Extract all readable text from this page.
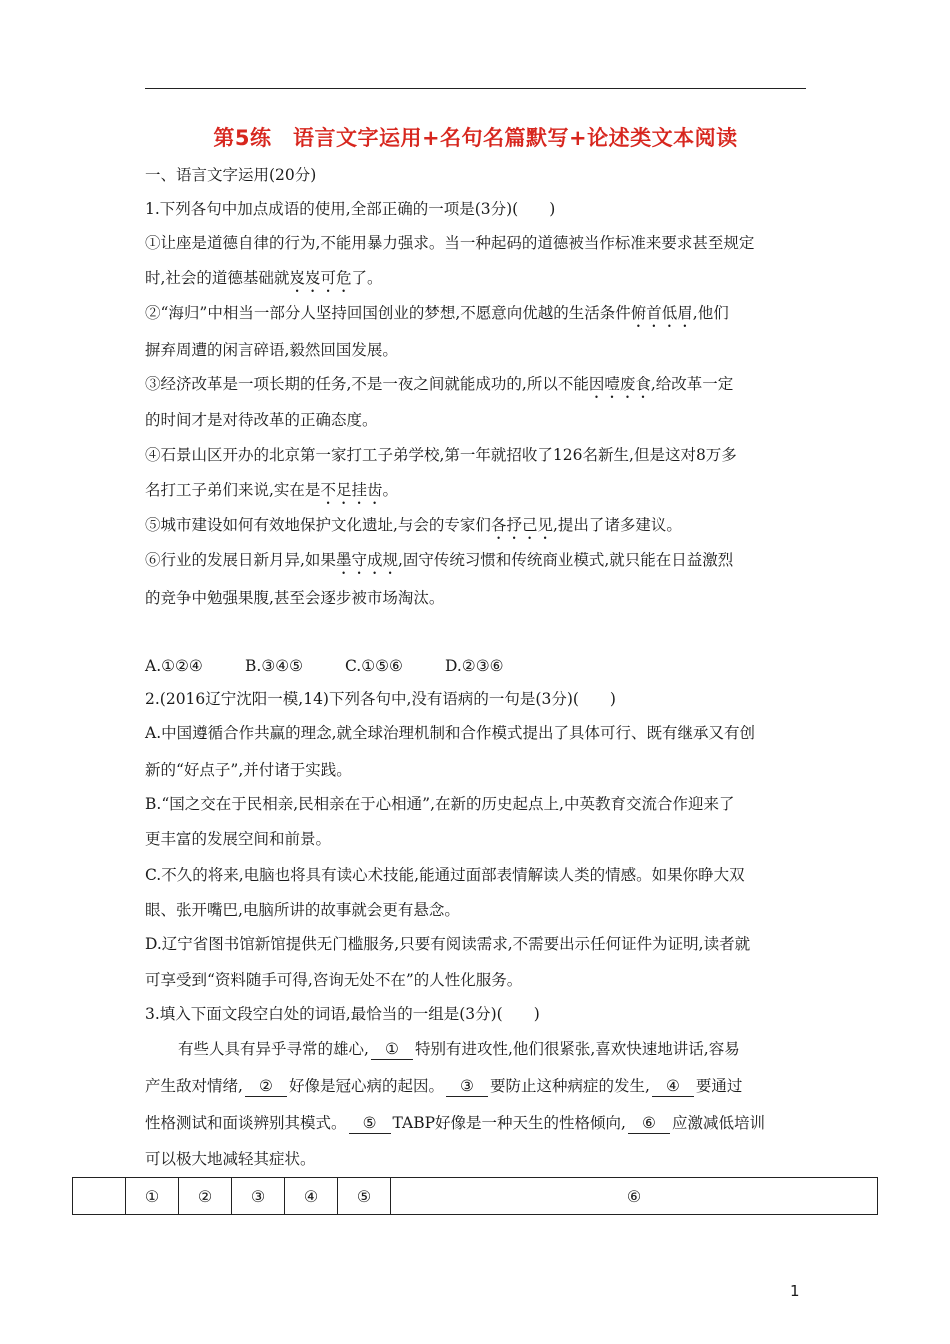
第5练　语言文字运用+名句名篇默写+论述类文本阅读
一、语言文字运用(20分)
1.下列各句中加点成语的使用,全部正确的一项是(3分)(　　)
①让座是道德自律的行为,不能用暴力强求。当一种起码的道德被当作标准来要求甚至规定
时,社会的道德基础就岌岌可危了。
②“海归”中相当一部分人坚持回国创业的梦想,不愿意向优越的生活条件俯首低眉,他们
摒弃周遭的闲言碎语,毅然回国发展。
③经济改革是一项长期的任务,不是一夜之间就能成功的,所以不能因噎废食,给改革一定
的时间才是对待改革的正确态度。
④石景山区开办的北京第一家打工子弟学校,第一年就招收了126名新生,但是这对8万多
名打工子弟们来说,实在是不足挂齿。
⑤城市建设如何有效地保护文化遗址,与会的专家们各抒己见,提出了诸多建议。
⑥行业的发展日新月异,如果墨守成规,固守传统习惯和传统商业模式,就只能在日益激烈
的竞争中勉强果腹,甚至会逐步被市场淘汰。
A.①②④	B.③④⑤	C.①⑤⑥	D.②③⑥
2.(2016辽宁沈阳一模,14)下列各句中,没有语病的一句是(3分)(　　)
A.中国遵循合作共赢的理念,就全球治理机制和合作模式提出了具体可行、既有继承又有创
新的“好点子”,并付诸于实践。
B.“国之交在于民相亲,民相亲在于心相通”,在新的历史起点上,中英教育交流合作迎来了
更丰富的发展空间和前景。
C.不久的将来,电脑也将具有读心术技能,能通过面部表情解读人类的情感。如果你睁大双
眼、张开嘴巴,电脑所讲的故事就会更有悬念。
D.辽宁省图书馆新馆提供无门槛服务,只要有阅读需求,不需要出示任何证件为证明,读者就
可享受到“资料随手可得,咨询无处不在”的人性化服务。
3.填入下面文段空白处的词语,最恰当的一组是(3分)(　　)
有些人具有异乎寻常的雄心, ① 特别有进攻性,他们很紧张,喜欢快速地讲话,容易
产生敌对情绪, ② 好像是冠心病的起因。 ③ 要防止这种病症的发生, ④ 要通过
性格测试和面谈辨别其模式。 ⑤ TABP好像是一种天生的性格倾向, ⑥ 应激减低培训
可以极大地减轻其症状。
	①	②	③	④	⑤	⑥
1
